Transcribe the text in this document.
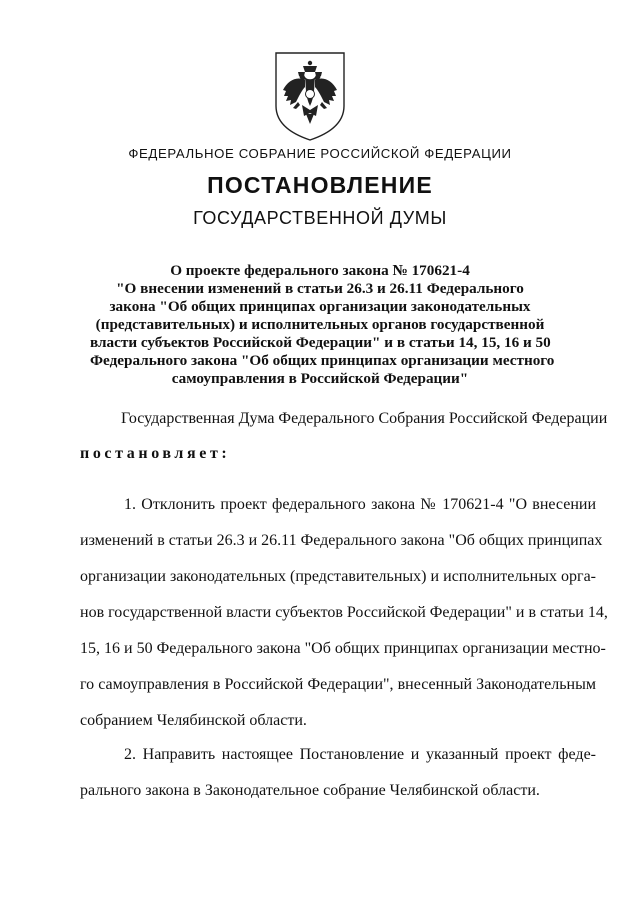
ФЕДЕРАЛЬНОЕ СОБРАНИЕ РОССИЙСКОЙ ФЕДЕРАЦИИ
ПОСТАНОВЛЕНИЕ
ГОСУДАРСТВЕННОЙ ДУМЫ
О проекте федерального закона № 170621-4
"О внесении изменений в статьи 26.3 и 26.11 Федерального
закона "Об общих принципах организации законодательных
(представительных) и исполнительных органов государственной
власти субъектов Российской Федерации" и в статьи 14, 15, 16 и 50
Федерального закона "Об общих принципах организации местного
самоуправления в Российской Федерации"
Государственная Дума Федерального Собрания Российской Федерации
постановляет:
1. Отклонить проект федерального закона № 170621-4 "О внесении
изменений в статьи 26.3 и 26.11 Федерального закона "Об общих принципах
организации законодательных (представительных) и исполнительных орга-
нов государственной власти субъектов Российской Федерации" и в статьи 14,
15, 16 и 50 Федерального закона "Об общих принципах организации местно-
го самоуправления в Российской Федерации", внесенный Законодательным
собранием Челябинской области.
2. Направить настоящее Постановление и указанный проект феде-
рального закона в Законодательное собрание Челябинской области.
